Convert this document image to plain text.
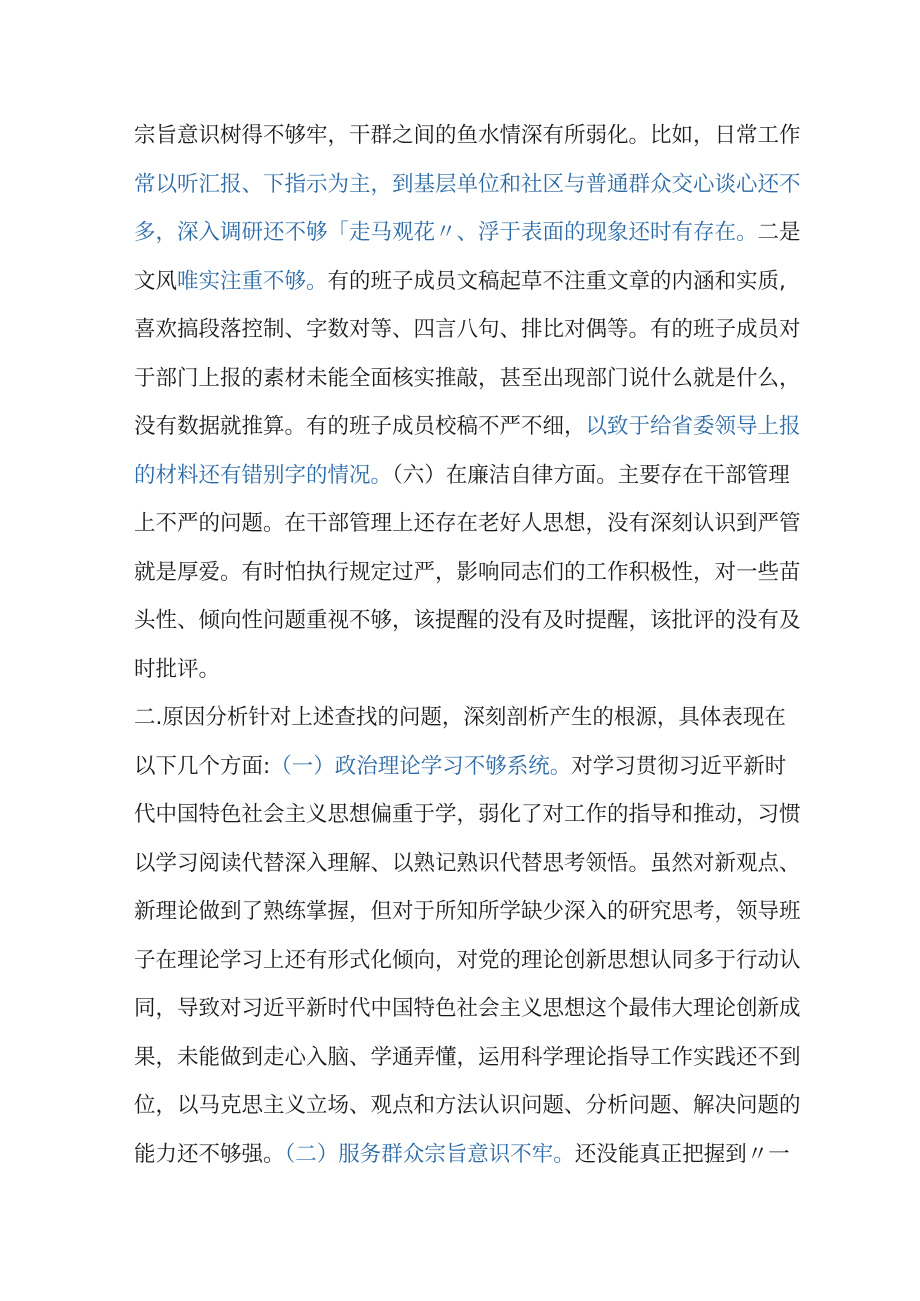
宗旨意识树得不够牢，干群之间的鱼水情深有所弱化。比如，日常工作
常以听汇报、下指示为主，到基层单位和社区与普通群众交心谈心还不
多，深入调研还不够「走马观花〃、浮于表面的现象还时有存在。二是
文风唯实注重不够。有的班子成员文稿起草不注重文章的内涵和实质,
喜欢搞段落控制、字数对等、四言八句、排比对偶等。有的班子成员对
于部门上报的素材未能全面核实推敲，甚至出现部门说什么就是什么，
没有数据就推算。有的班子成员校稿不严不细，以致于给省委领导上报
的材料还有错别字的情况。（六）在廉洁自律方面。主要存在干部管理
上不严的问题。在干部管理上还存在老好人思想，没有深刻认识到严管
就是厚爱。有时怕执行规定过严，影响同志们的工作积极性，对一些苗
头性、倾向性问题重视不够，该提醒的没有及时提醒，该批评的没有及
时批评。
二.原因分析针对上述查找的问题，深刻剖析产生的根源，具体表现在
以下几个方面:（一）政治理论学习不够系统。对学习贯彻习近平新时
代中国特色社会主义思想偏重于学，弱化了对工作的指导和推动，习惯
以学习阅读代替深入理解、以熟记熟识代替思考领悟。虽然对新观点、
新理论做到了熟练掌握，但对于所知所学缺少深入的研究思考，领导班
子在理论学习上还有形式化倾向，对党的理论创新思想认同多于行动认
同，导致对习近平新时代中国特色社会主义思想这个最伟大理论创新成
果，未能做到走心入脑、学通弄懂，运用科学理论指导工作实践还不到
位，以马克思主义立场、观点和方法认识问题、分析问题、解决问题的
能力还不够强。（二）服务群众宗旨意识不牢。还没能真正把握到〃一
